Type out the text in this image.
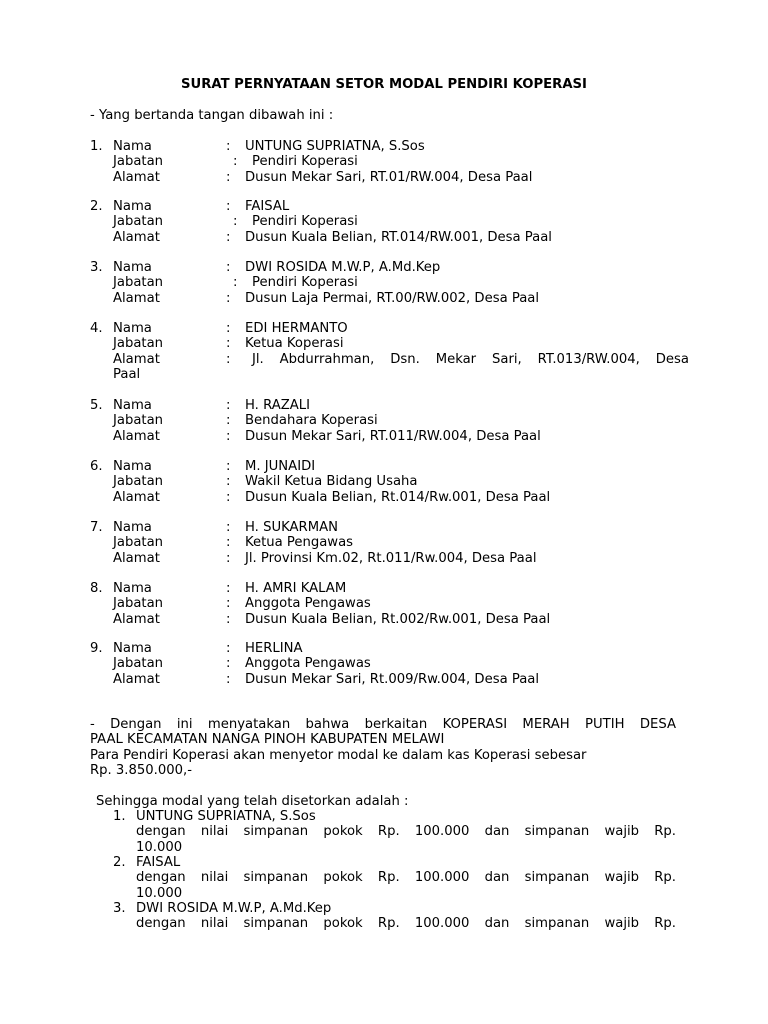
SURAT PERNYATAAN SETOR MODAL PENDIRI KOPERASI
- Yang bertanda tangan dibawah ini :
1. Nama	: UNTUNG SUPRIATNA, S.Sos
Jabatan	: Pendiri Koperasi
Alamat	: Dusun Mekar Sari, RT.01/RW.004, Desa Paal
2. Nama	: FAISAL
Jabatan	: Pendiri Koperasi
Alamat	: Dusun Kuala Belian, RT.014/RW.001, Desa Paal
3. Nama	: DWI ROSIDA M.W.P, A.Md.Kep
Jabatan	: Pendiri Koperasi
Alamat	: Dusun Laja Permai, RT.00/RW.002, Desa Paal
4. Nama	: EDI HERMANTO
Jabatan	: Ketua Koperasi
Alamat	: Jl. Abdurrahman, Dsn. Mekar Sari, RT.013/RW.004, Desa
Paal
5. Nama	: H. RAZALI
Jabatan	: Bendahara Koperasi
Alamat	: Dusun Mekar Sari, RT.011/RW.004, Desa Paal
6. Nama	: M. JUNAIDI
Jabatan	: Wakil Ketua Bidang Usaha
Alamat	: Dusun Kuala Belian, Rt.014/Rw.001, Desa Paal
7. Nama	: H. SUKARMAN
Jabatan	: Ketua Pengawas
Alamat	: Jl. Provinsi Km.02, Rt.011/Rw.004, Desa Paal
8. Nama	: H. AMRI KALAM
Jabatan	: Anggota Pengawas
Alamat	: Dusun Kuala Belian, Rt.002/Rw.001, Desa Paal
9. Nama	: HERLINA
Jabatan	: Anggota Pengawas
Alamat	: Dusun Mekar Sari, Rt.009/Rw.004, Desa Paal
- Dengan ini menyatakan bahwa berkaitan KOPERASI MERAH PUTIH DESA
PAAL KECAMATAN NANGA PINOH KABUPATEN MELAWI
Para Pendiri Koperasi akan menyetor modal ke dalam kas Koperasi sebesar
Rp. 3.850.000,-
Sehingga modal yang telah disetorkan adalah :
1. UNTUNG SUPRIATNA, S.Sos
dengan nilai simpanan pokok Rp. 100.000 dan simpanan wajib Rp.
10.000
2. FAISAL
dengan nilai simpanan pokok Rp. 100.000 dan simpanan wajib Rp.
10.000
3. DWI ROSIDA M.W.P, A.Md.Kep
dengan nilai simpanan pokok Rp. 100.000 dan simpanan wajib Rp.
